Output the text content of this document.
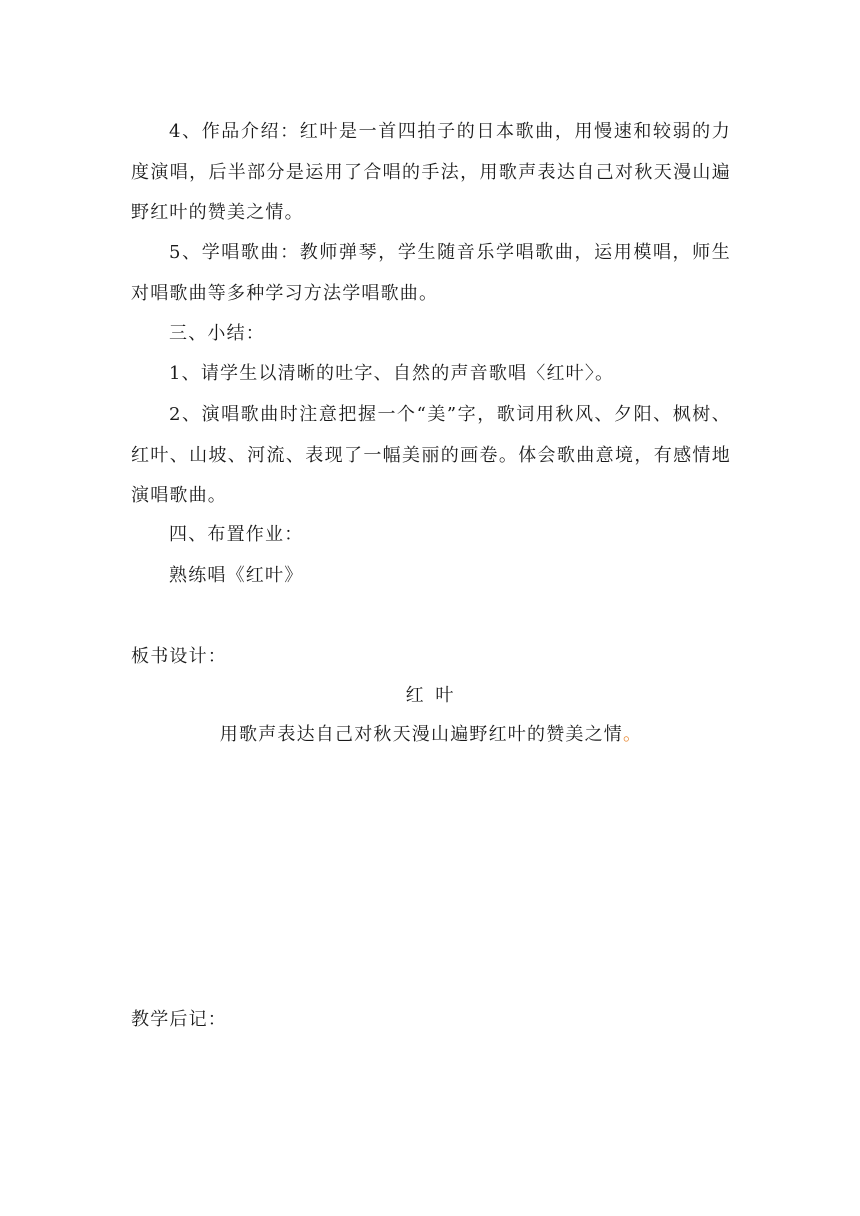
4、作品介绍：红叶是一首四拍子的日本歌曲，用慢速和较弱的力度演唱，后半部分是运用了合唱的手法，用歌声表达自己对秋天漫山遍野红叶的赞美之情。

5、学唱歌曲：教师弹琴，学生随音乐学唱歌曲，运用模唱，师生对唱歌曲等多种学习方法学唱歌曲。

三、小结：

1、请学生以清晰的吐字、自然的声音歌唱〈红叶〉。

2、演唱歌曲时注意把握一个“美”字，歌词用秋风、夕阳、枫树、红叶、山坡、河流、表现了一幅美丽的画卷。体会歌曲意境，有感情地演唱歌曲。

四、布置作业：

熟练唱《红叶》

板书设计：

红 叶

用歌声表达自己对秋天漫山遍野红叶的赞美之情。

教学后记：
